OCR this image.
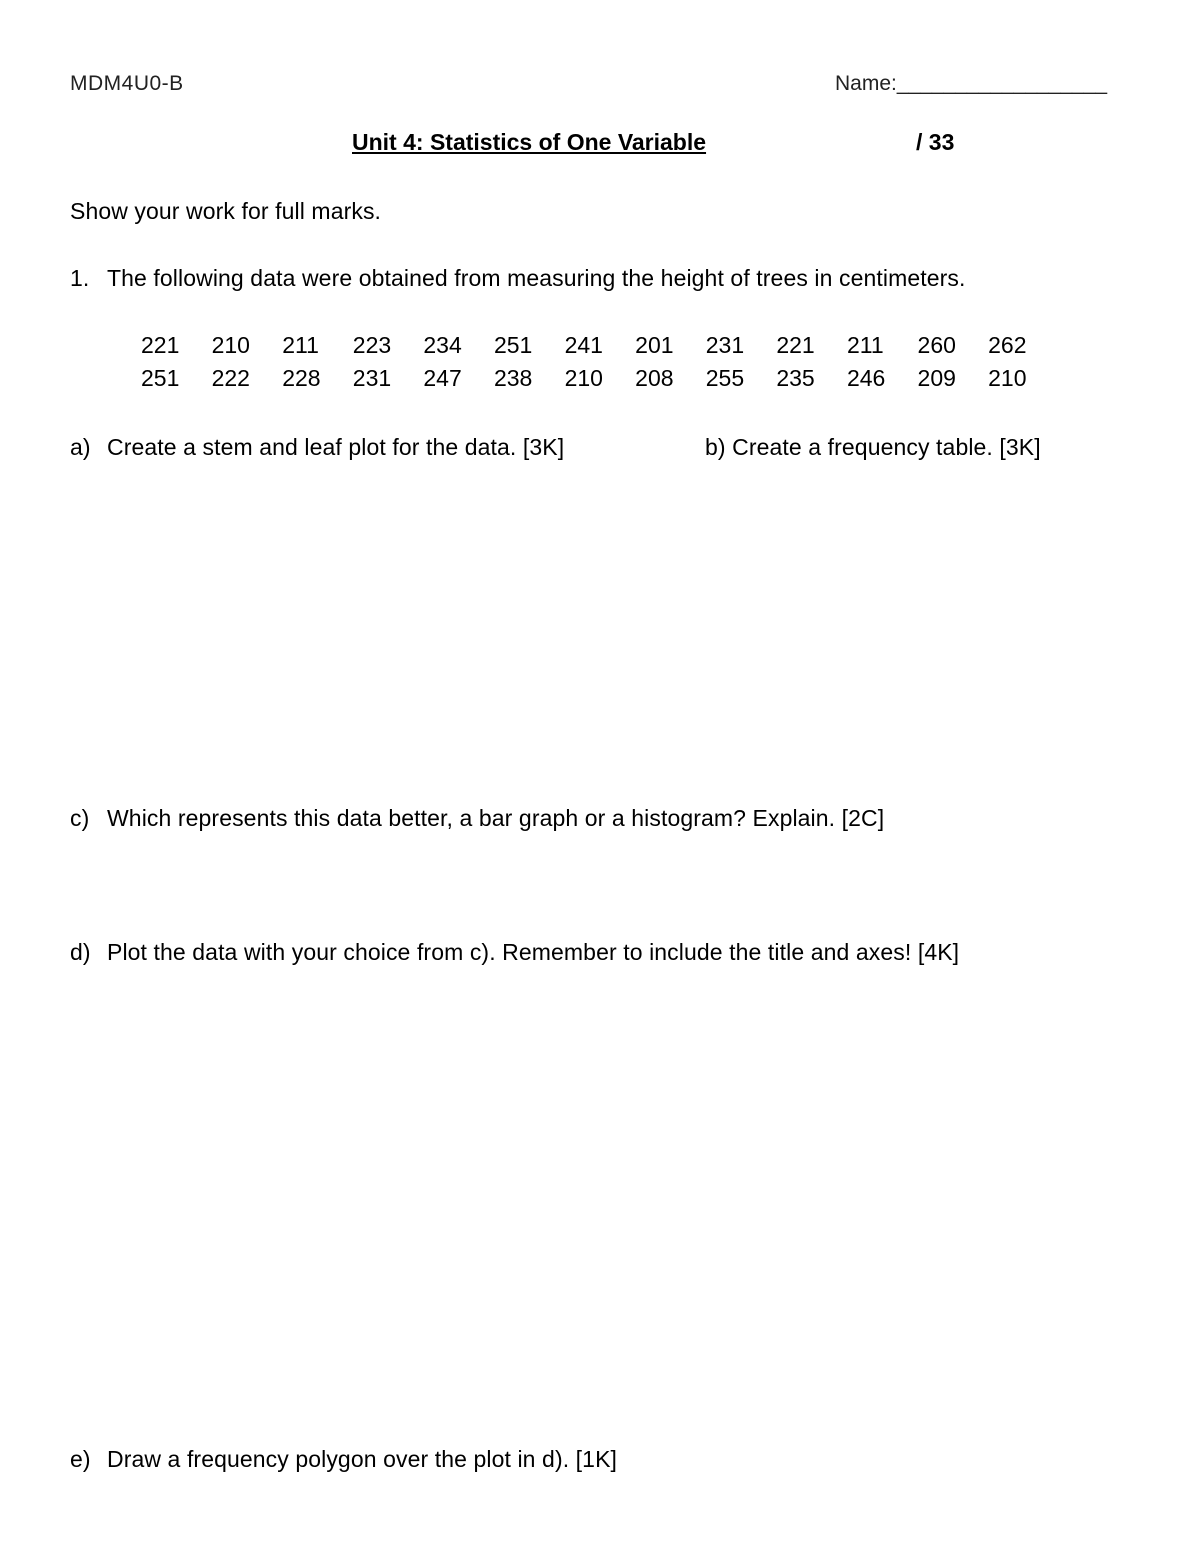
MDM4U0-B	Name:__________________
Unit 4: Statistics of One Variable	/ 33
Show your work for full marks.
1. The following data were obtained from measuring the height of trees in centimeters.
221	210	211	223	234	251	241	201	231	221	211	260	262
251	222	228	231	247	238	210	208	255	235	246	209	210
a) Create a stem and leaf plot for the data. [3K]	b) Create a frequency table. [3K]
c) Which represents this data better, a bar graph or a histogram? Explain. [2C]
d) Plot the data with your choice from c). Remember to include the title and axes! [4K]
e) Draw a frequency polygon over the plot in d). [1K]
